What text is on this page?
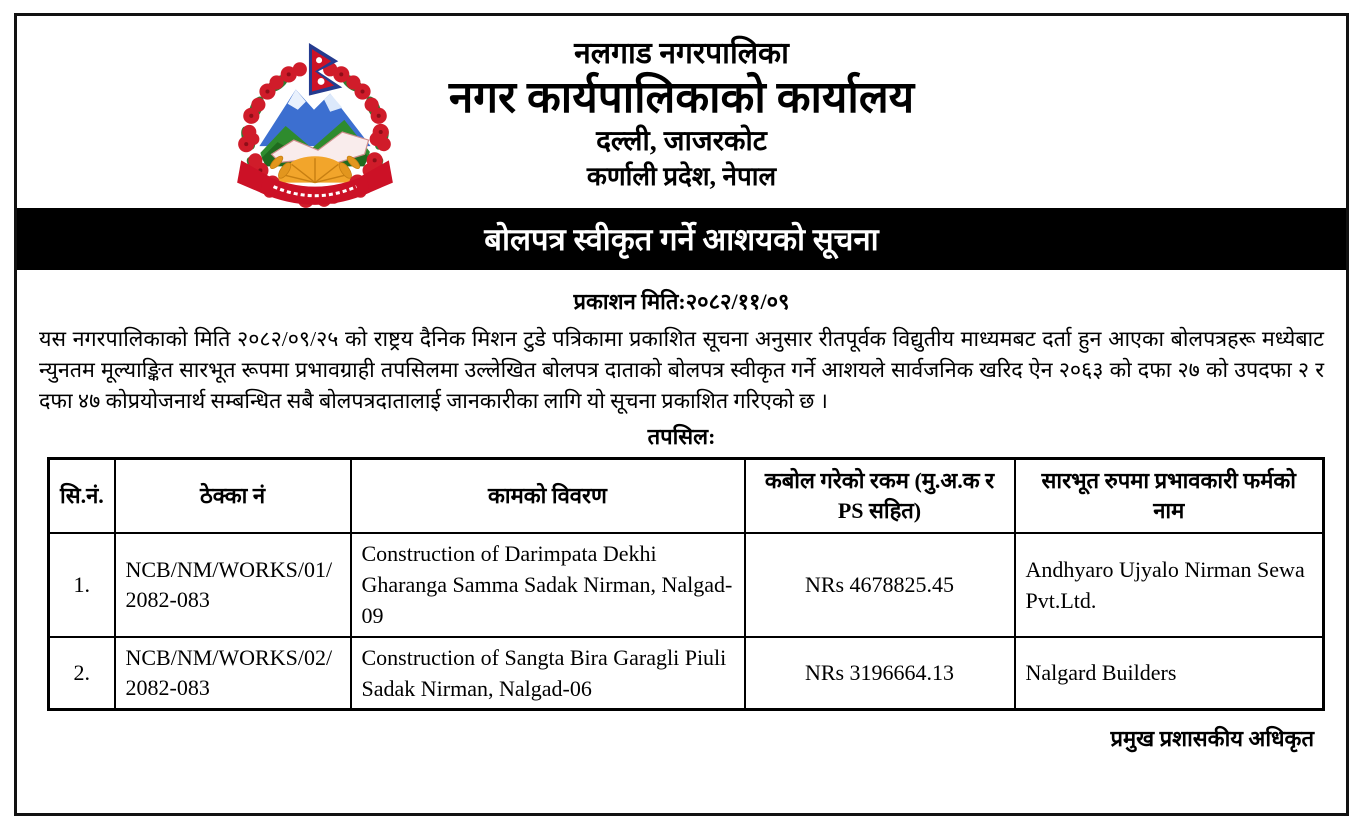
नलगाड नगरपालिका
नगर कार्यपालिकाको कार्यालय
दल्ली, जाजरकोट
कर्णाली प्रदेश, नेपाल
बोलपत्र स्वीकृत गर्ने आशयको सूचना
प्रकाशन मिति:२०८२/११/०९

यस नगरपालिकाको मिति २०८२/०९/२५ को राष्ट्रय दैनिक मिशन टुडे पत्रिकामा प्रकाशित सूचना अनुसार रीतपूर्वक विद्युतीय माध्यमबट दर्ता हुन आएका बोलपत्रहरू मध्येबाट न्युनतम मूल्याङ्कित सारभूत रूपमा प्रभावग्राही तपसिलमा उल्लेखित बोलपत्र दाताको बोलपत्र स्वीकृत गर्ने आशयले सार्वजनिक खरिद ऐन २०६३ को दफा २७ को उपदफा २ र दफा ४७ कोप्रयोजनार्थ सम्बन्धित सबै बोलपत्रदातालाई जानकारीका लागि यो सूचना प्रकाशित गरिएको छ ।

तपसिल:
सि.नं.	ठेक्का नं	कामको विवरण	कबोल गरेको रकम (मु.अ.क र PS सहित)	सारभूत रुपमा प्रभावकारी फर्मको नाम
1.	NCB/NM/WORKS/01/2082-083	Construction of Darimpata Dekhi Gharanga Samma Sadak Nirman, Nalgad-09	NRs 4678825.45	Andhyaro Ujyalo Nirman Sewa Pvt.Ltd.
2.	NCB/NM/WORKS/02/2082-083	Construction of Sangta Bira Garagli Piuli Sadak Nirman, Nalgad-06	NRs 3196664.13	Nalgard Builders
प्रमुख प्रशासकीय अधिकृत
